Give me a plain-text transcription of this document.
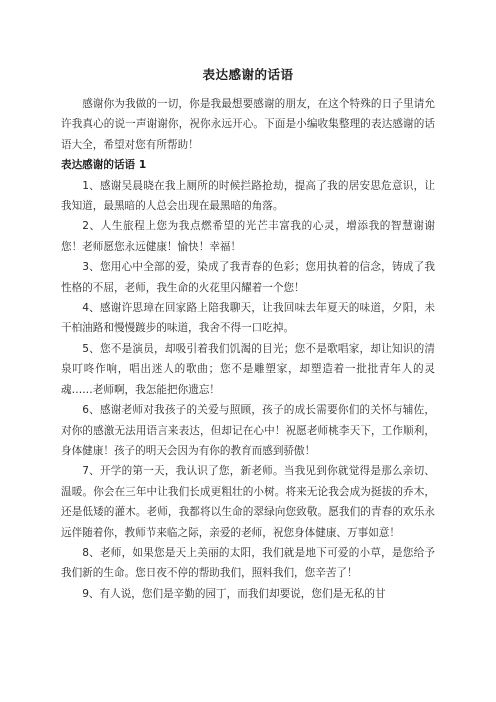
表达感谢的话语

感谢你为我做的一切，你是我最想要感谢的朋友，在这个特殊的日子里请允许我真心的说一声谢谢你，祝你永远开心。下面是小编收集整理的表达感谢的话语大全，希望对您有所帮助！

表达感谢的话语 1

1、感谢吴晨晓在我上厕所的时候拦路抢劫，提高了我的居安思危意识，让我知道，最黑暗的人总会出现在最黑暗的角落。

2、人生旅程上您为我点燃希望的光芒丰富我的心灵，增添我的智慧谢谢您！老师愿您永远健康！愉快！幸福！

3、您用心中全部的爱，染成了我青春的色彩；您用执着的信念，铸成了我性格的不屈，老师，我生命的火花里闪耀着一个您！

4、感谢许思璋在回家路上陪我聊天，让我回味去年夏天的味道，夕阳，未干柏油路和慢慢踱步的味道，我舍不得一口吃掉。

5、您不是演员，却吸引着我们饥渴的目光；您不是歌唱家，却让知识的清泉叮咚作响，唱出迷人的歌曲；您不是雕塑家，却塑造着一批批青年人的灵魂……老师啊，我怎能把你遗忘！

6、感谢老师对我孩子的关爱与照顾，孩子的成长需要你们的关怀与辅佐，对你的感激无法用语言来表达，但却记在心中！祝愿老师桃李天下，工作顺利，身体健康！孩子的明天会因为有你的教育而感到骄傲！

7、开学的第一天，我认识了您，新老师。当我见到你就觉得是那么亲切、温暖。你会在三年中让我们长成更粗壮的小树。将来无论我会成为挺拔的乔木，还是低矮的灌木。老师，我都将以生命的翠绿向您致敬。愿我们的青春的欢乐永远伴随着你，教师节来临之际，亲爱的老师，祝您身体健康、万事如意！

8、老师，如果您是天上美丽的太阳，我们就是地下可爱的小草，是您给予我们新的生命。您日夜不停的帮助我们，照料我们，您辛苦了！

9、有人说，您们是辛勤的园丁，而我们却要说，您们是无私的甘
